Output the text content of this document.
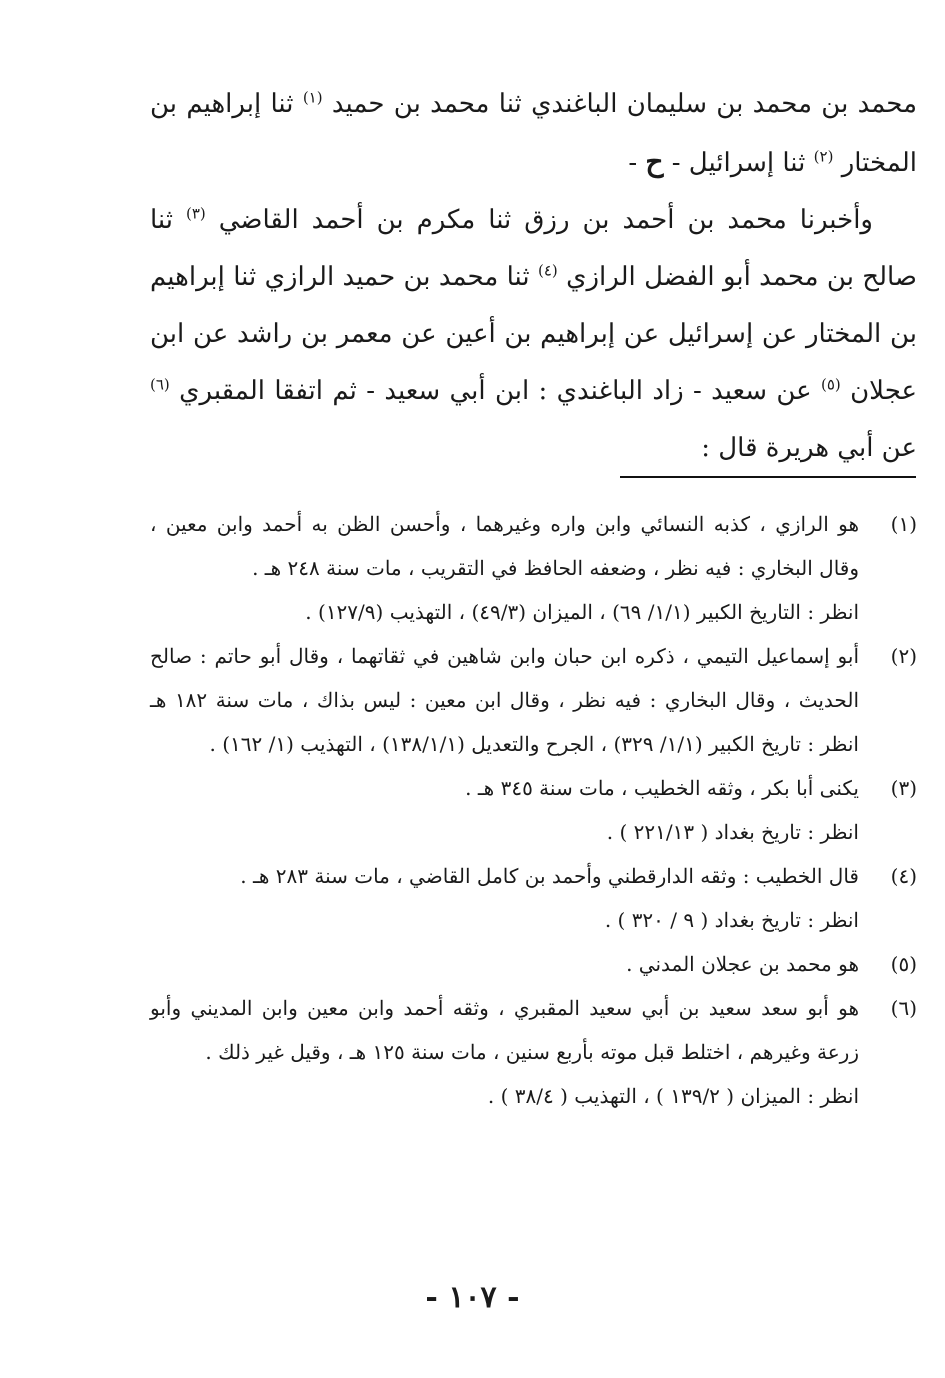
محمد بن محمد بن سليمان الباغندي ثنا محمد بن حميد $^{(١)}$ ثنا إبراهيم بن المختار $^{(٢)}$ ثنا إسرائيل - ح -

وأخبرنا محمد بن أحمد بن رزق ثنا مكرم بن أحمد القاضي $^{(٣)}$ ثنا صالح بن محمد أبو الفضل الرازي $^{(٤)}$ ثنا محمد بن حميد الرازي ثنا إبراهيم بن المختار عن إسرائيل عن إبراهيم بن أعين عن معمر بن راشد عن ابن عجلان $^{(٥)}$ عن سعيد - زاد الباغندي : ابن أبي سعيد - ثم اتفقا المقبري $^{(٦)}$ عن أبي هريرة قال :

(١)
هو الرازي ، كذبه النسائي وابن واره وغيرهما ، وأحسن الظن به أحمد وابن معين ، وقال البخاري : فيه نظر ، وضعفه الحافظ في التقريب ، مات سنة ٢٤٨ هـ .
انظر : التاريخ الكبير (١/١/ ٦٩) ، الميزان (٤٩/٣) ، التهذيب (١٢٧/٩) .
(٢)
أبو إسماعيل التيمي ، ذكره ابن حبان وابن شاهين في ثقاتهما ، وقال أبو حاتم : صالح الحديث ، وقال البخاري : فيه نظر ، وقال ابن معين : ليس بذاك ، مات سنة ١٨٢ هـ انظر : تاريخ الكبير (١/١/ ٣٢٩) ، الجرح والتعديل (١٣٨/١/١) ، التهذيب (١/ ١٦٢) .
(٣)
يكنى أبا بكر ، وثقه الخطيب ، مات سنة ٣٤٥ هـ .
انظر : تاريخ بغداد ( ٢٢١/١٣ ) .
(٤)
قال الخطيب : وثقه الدارقطني وأحمد بن كامل القاضي ، مات سنة ٢٨٣ هـ .
انظر : تاريخ بغداد ( ٩ / ٣٢٠ ) .
(٥)
هو محمد بن عجلان المدني .
(٦)
هو أبو سعد سعيد بن أبي سعيد المقبري ، وثقه أحمد وابن معين وابن المديني وأبو زرعة وغيرهم ، اختلط قبل موته بأربع سنين ، مات سنة ١٢٥ هـ ، وقيل غير ذلك .
انظر : الميزان ( ١٣٩/٢ ) ، التهذيب ( ٣٨/٤ ) .
- ١٠٧ -
